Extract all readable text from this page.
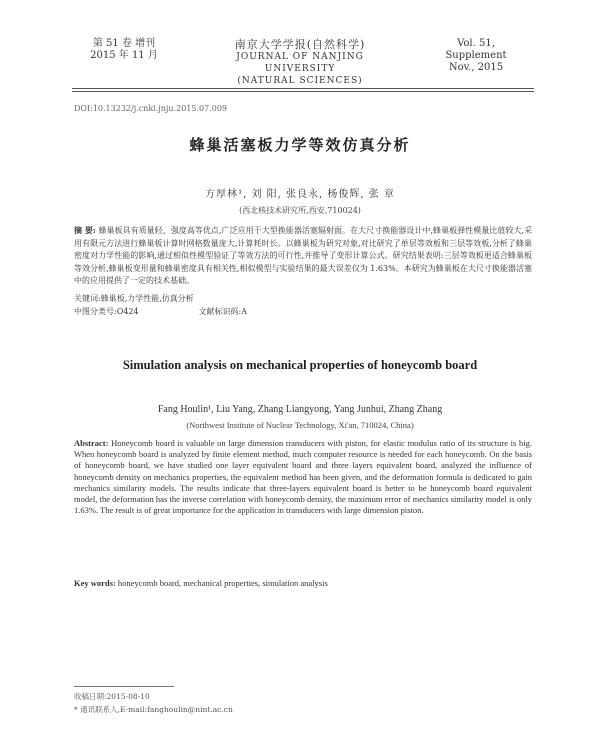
第 51 卷 增刊
2015 年 11 月
南京大学学报(自然科学)
JOURNAL OF NANJING UNIVERSITY
(NATURAL SCIENCES)
Vol. 51, Supplement
Nov., 2015
DOI:10.13232/j.cnki.jnju.2015.07.009
蜂巢活塞板力学等效仿真分析
方厚林¹, 刘 阳, 张良永, 杨俊辉, 张 章
(西北核技术研究所,西安,710024)
摘 要: 蜂巢板具有质量轻、强度高等优点,广泛应用于大型换能器活塞辐射面。在大尺寸换能器设计中,蜂巢板弹性模量比值较大,采用有限元方法进行蜂巢板计算时网格数量庞大,计算耗时长。以蜂巢板为研究对象,对比研究了单层等效板和三层等效板,分析了蜂巢密度对力学性能的影响,通过相似性模型验证了等效方法的可行性,并推导了变形计算公式。研究结果表明:三层等效板更适合蜂巢板等效分析,蜂巢板变形量和蜂巢密度具有相关性,相似模型与实验结果的最大误差仅为 1.63%。本研究为蜂巢板在大尺寸换能器活塞中的应用提供了一定的技术基础。
关键词:蜂巢板,力学性能,仿真分析
中图分类号:O424	文献标识码:A
Simulation analysis on mechanical properties of honeycomb board
Fang Houlin¹, Liu Yang, Zhang Liangyong, Yang Junhui, Zhang Zhang
(Northwest Institute of Nuclear Technology, Xi'an, 710024, China)
Abstract: Honeycomb board is valuable on large dimension transducers with piston, for elastic modulus ratio of its structure is big. When honeycomb board is analyzed by finite element method, much computer resource is needed for each honeycomb. On the basis of honeycomb board, we have studied one layer equivalent board and three layers equivalent board, analyzed the influence of honeycomb density on mechanics properties, the equivalent method has been given, and the deformation formula is dedicated to gain mechanics similarity models. The results indicate that three-layers equivalent board is better to be honeycomb board equivalent model, the deformation has the inverse correlation with honeycomb density, the maximum error of mechanics similarity model is only 1.63%. The result is of great importance for the application in transducers with large dimension piston.
Key words: honeycomb board, mechanical properties, simulation analysis
收稿日期:2015-08-10
* 通讯联系人,E-mail:fanghoulin@nint.ac.cn
